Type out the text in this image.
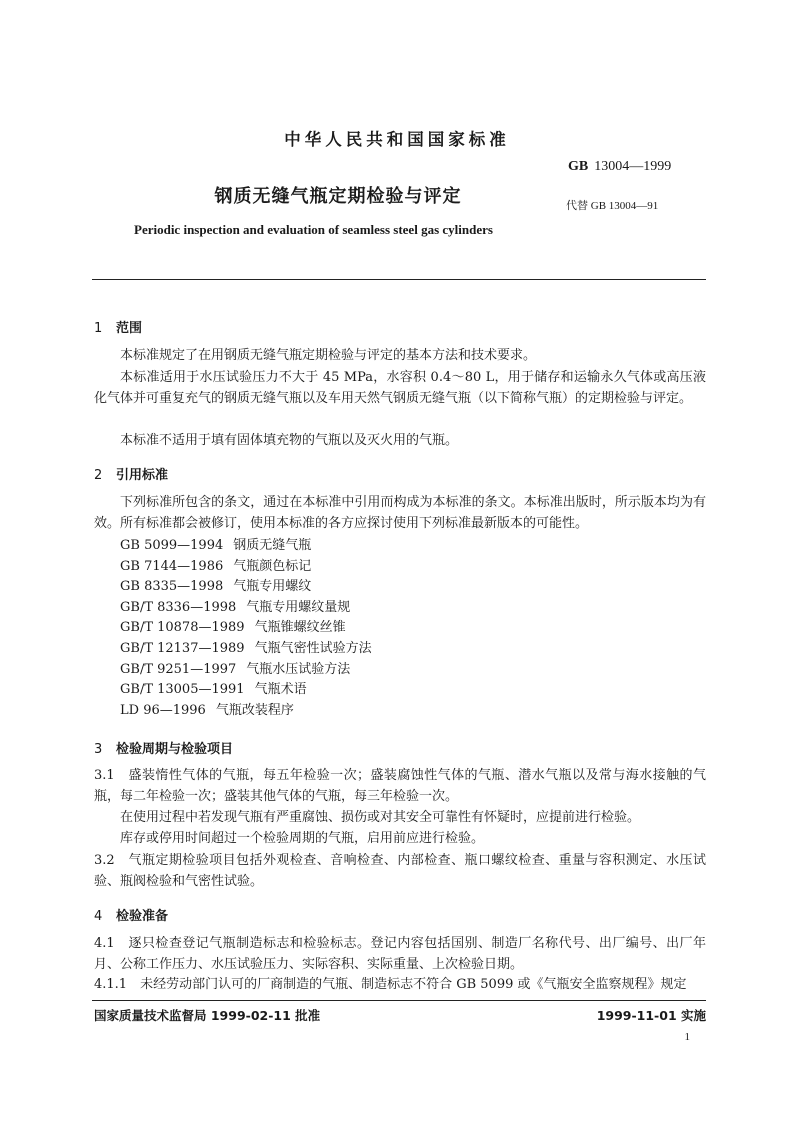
中华人民共和国国家标准
GB 13004—1999
钢质无缝气瓶定期检验与评定	代替 GB 13004—91
Periodic inspection and evaluation of seamless steel gas cylinders
1 范围
本标准规定了在用钢质无缝气瓶定期检验与评定的基本方法和技术要求。
本标准适用于水压试验压力不大于 45 MPa，水容积 0.4～80 L，用于储存和运输永久气体或高压液化气体并可重复充气的钢质无缝气瓶以及车用天然气钢质无缝气瓶（以下简称气瓶）的定期检验与评定。
本标准不适用于填有固体填充物的气瓶以及灭火用的气瓶。
2 引用标准
下列标准所包含的条文，通过在本标准中引用而构成为本标准的条文。本标准出版时，所示版本均为有效。所有标准都会被修订，使用本标准的各方应探讨使用下列标准最新版本的可能性。
GB 5099—1994 钢质无缝气瓶
GB 7144—1986 气瓶颜色标记
GB 8335—1998 气瓶专用螺纹
GB/T 8336—1998 气瓶专用螺纹量规
GB/T 10878—1989 气瓶锥螺纹丝锥
GB/T 12137—1989 气瓶气密性试验方法
GB/T 9251—1997 气瓶水压试验方法
GB/T 13005—1991 气瓶术语
LD 96—1996 气瓶改装程序
3 检验周期与检验项目
3.1　盛装惰性气体的气瓶，每五年检验一次；盛装腐蚀性气体的气瓶、潜水气瓶以及常与海水接触的气瓶，每二年检验一次；盛装其他气体的气瓶，每三年检验一次。
在使用过程中若发现气瓶有严重腐蚀、损伤或对其安全可靠性有怀疑时，应提前进行检验。
库存或停用时间超过一个检验周期的气瓶，启用前应进行检验。
3.2　气瓶定期检验项目包括外观检查、音响检查、内部检查、瓶口螺纹检查、重量与容积测定、水压试验、瓶阀检验和气密性试验。
4 检验准备
4.1　逐只检查登记气瓶制造标志和检验标志。登记内容包括国别、制造厂名称代号、出厂编号、出厂年月、公称工作压力、水压试验压力、实际容积、实际重量、上次检验日期。
4.1.1　未经劳动部门认可的厂商制造的气瓶、制造标志不符合 GB 5099 或《气瓶安全监察规程》规定
国家质量技术监督局 1999-02-11 批准	1999-11-01 实施
1
